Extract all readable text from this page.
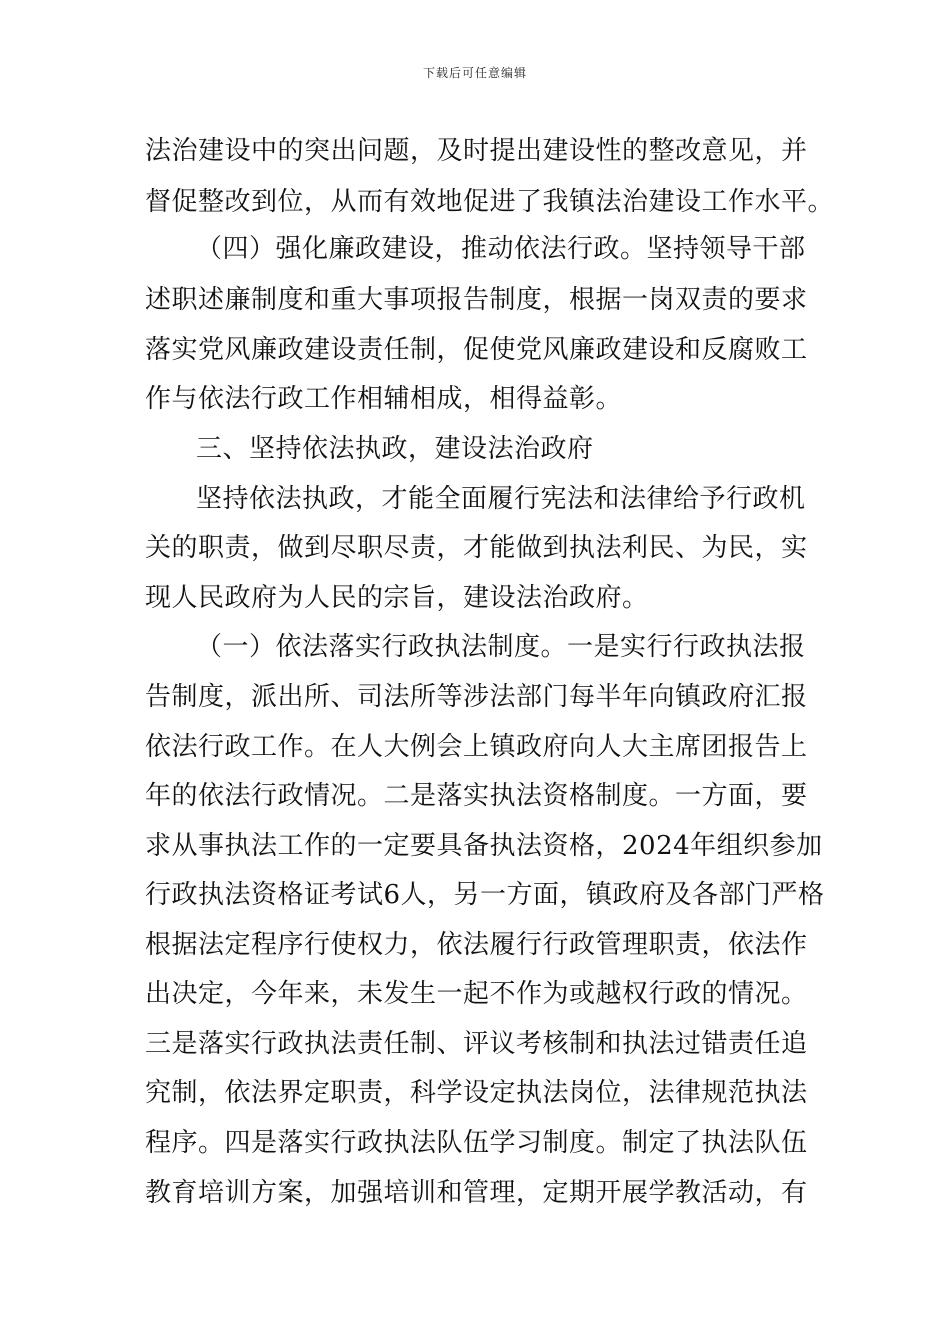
下载后可任意编辑
法治建设中的突出问题，及时提出建设性的整改意见，并
督促整改到位，从而有效地促进了我镇法治建设工作水平。
（四）强化廉政建设，推动依法行政。坚持领导干部
述职述廉制度和重大事项报告制度，根据一岗双责的要求
落实党风廉政建设责任制，促使党风廉政建设和反腐败工
作与依法行政工作相辅相成，相得益彰。
三、坚持依法执政，建设法治政府
坚持依法执政，才能全面履行宪法和法律给予行政机
关的职责，做到尽职尽责，才能做到执法利民、为民，实
现人民政府为人民的宗旨，建设法治政府。
（一）依法落实行政执法制度。一是实行行政执法报
告制度，派出所、司法所等涉法部门每半年向镇政府汇报
依法行政工作。在人大例会上镇政府向人大主席团报告上
年的依法行政情况。二是落实执法资格制度。一方面，要
求从事执法工作的一定要具备执法资格，2024年组织参加
行政执法资格证考试6人，另一方面，镇政府及各部门严格
根据法定程序行使权力，依法履行行政管理职责，依法作
出决定，今年来，未发生一起不作为或越权行政的情况。
三是落实行政执法责任制、评议考核制和执法过错责任追
究制，依法界定职责，科学设定执法岗位，法律规范执法
程序。四是落实行政执法队伍学习制度。制定了执法队伍
教育培训方案，加强培训和管理，定期开展学教活动，有
